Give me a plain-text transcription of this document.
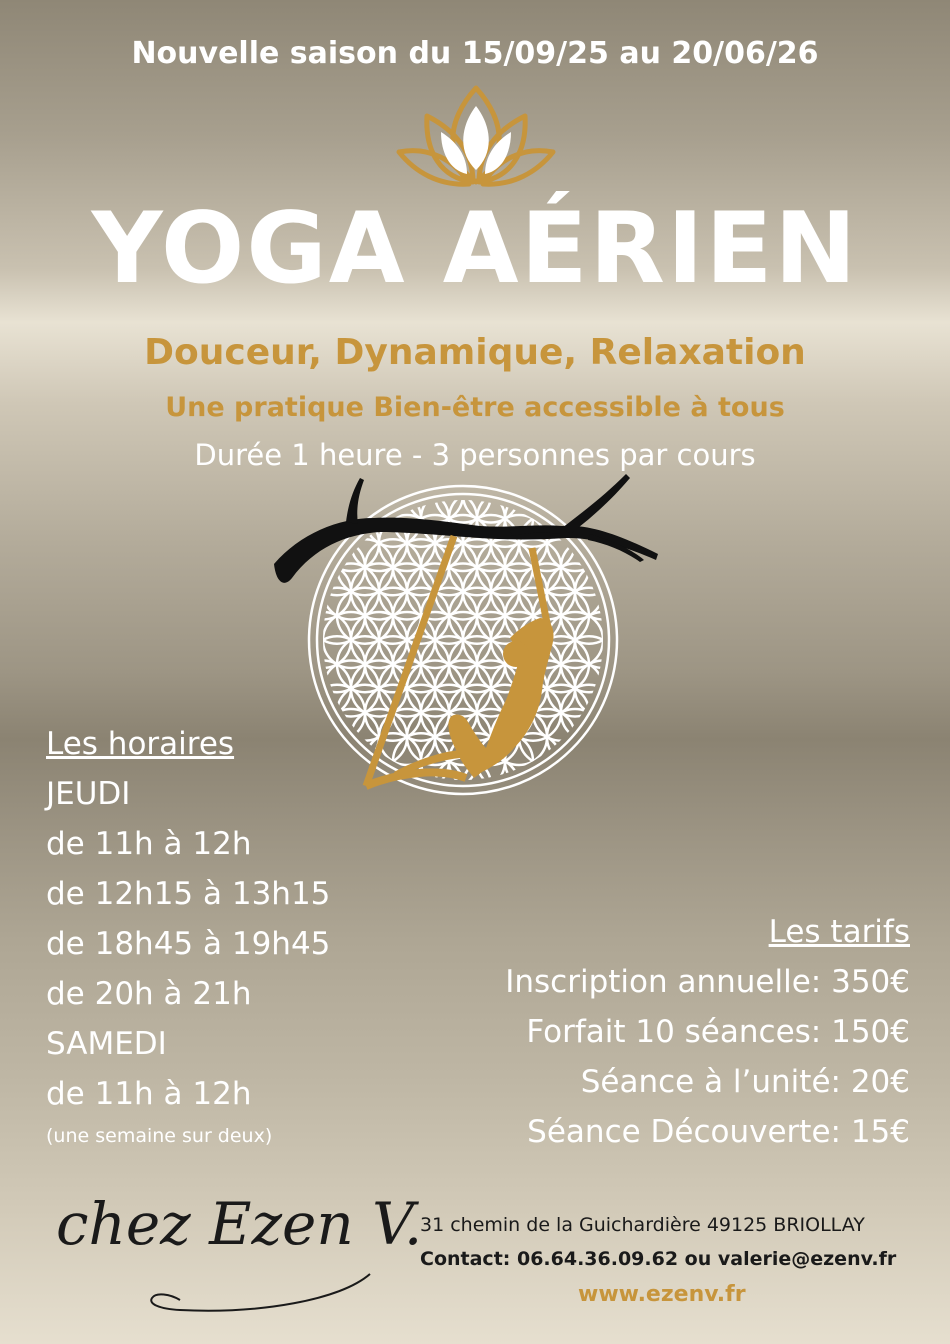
Nouvelle saison du 15/09/25 au 20/06/26
YOGA AÉRIEN
Douceur, Dynamique, Relaxation
Une pratique Bien-être accessible à tous
Durée 1 heure - 3 personnes par cours
Les horaires
JEUDI
de 11h à 12h
de 12h15 à 13h15
de 18h45 à 19h45
de 20h à 21h
SAMEDI
de 11h à 12h
(une semaine sur deux)
Les tarifs
Inscription annuelle: 350€
Forfait 10 séances: 150€
Séance à l’unité: 20€
Séance Découverte: 15€
chez Ezen V.
31 chemin de la Guichardière 49125 BRIOLLAY
Contact: 06.64.36.09.62 ou valerie@ezenv.fr
www.ezenv.fr
